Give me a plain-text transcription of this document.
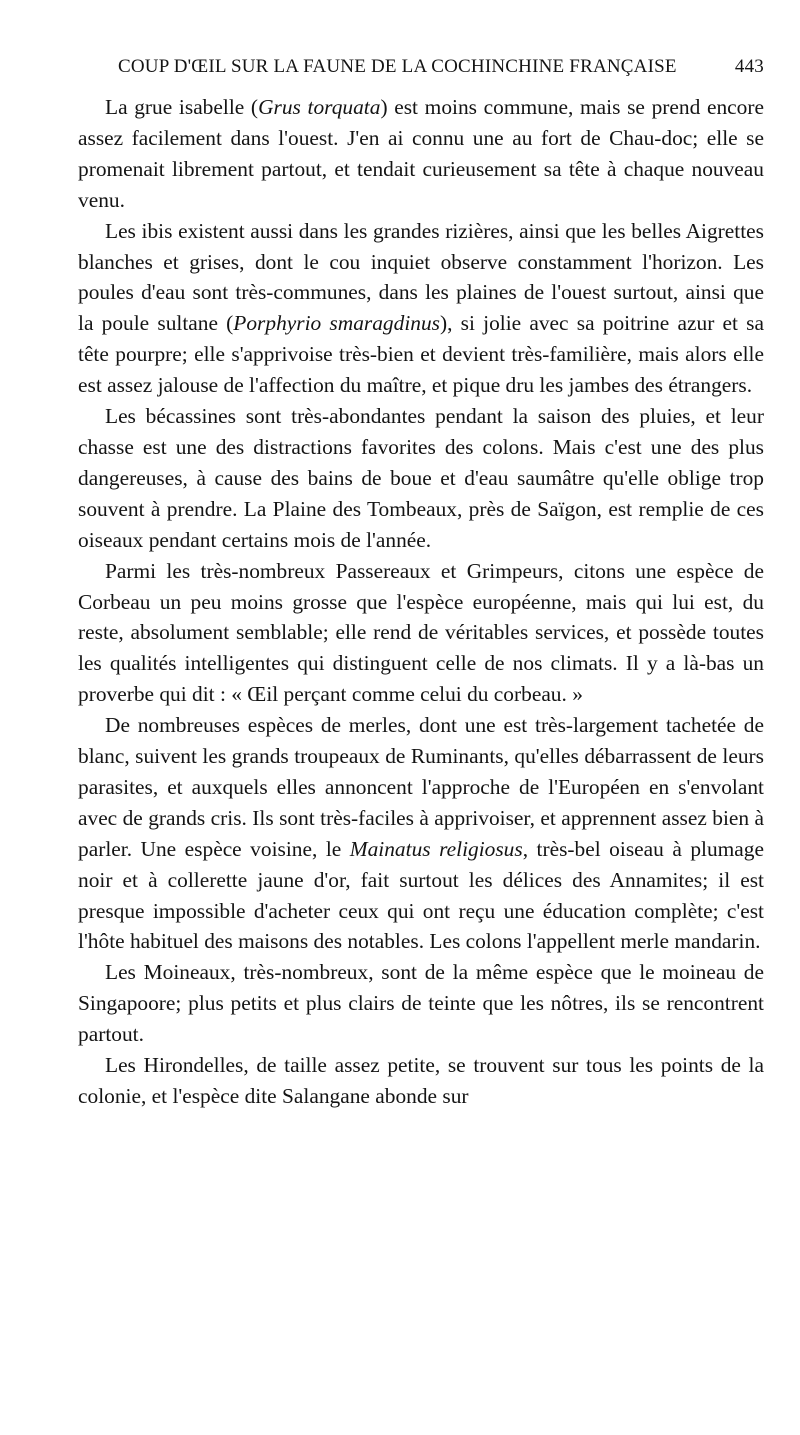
COUP D'ŒIL SUR LA FAUNE DE LA COCHINCHINE FRANÇAISE	443

La grue isabelle (Grus torquata) est moins commune, mais se prend encore assez facilement dans l'ouest. J'en ai connu une au fort de Chau-doc; elle se promenait librement partout, et tendait curieusement sa tête à chaque nouveau venu.

Les ibis existent aussi dans les grandes rizières, ainsi que les belles Aigrettes blanches et grises, dont le cou inquiet observe constamment l'horizon. Les poules d'eau sont très-communes, dans les plaines de l'ouest surtout, ainsi que la poule sultane (Porphyrio smaragdinus), si jolie avec sa poitrine azur et sa tête pourpre; elle s'apprivoise très-bien et devient très-familière, mais alors elle est assez jalouse de l'affection du maître, et pique dru les jambes des étrangers.

Les bécassines sont très-abondantes pendant la saison des pluies, et leur chasse est une des distractions favorites des colons. Mais c'est une des plus dangereuses, à cause des bains de boue et d'eau saumâtre qu'elle oblige trop souvent à prendre. La Plaine des Tombeaux, près de Saïgon, est remplie de ces oiseaux pendant certains mois de l'année.

Parmi les très-nombreux Passereaux et Grimpeurs, citons une espèce de Corbeau un peu moins grosse que l'espèce européenne, mais qui lui est, du reste, absolument semblable; elle rend de véritables services, et possède toutes les qualités intelligentes qui distinguent celle de nos climats. Il y a là-bas un proverbe qui dit : « Œil perçant comme celui du corbeau. »

De nombreuses espèces de merles, dont une est très-largement tachetée de blanc, suivent les grands troupeaux de Ruminants, qu'elles débarrassent de leurs parasites, et auxquels elles annoncent l'approche de l'Européen en s'envolant avec de grands cris. Ils sont très-faciles à apprivoiser, et apprennent assez bien à parler. Une espèce voisine, le Mainatus religiosus, très-bel oiseau à plumage noir et à collerette jaune d'or, fait surtout les délices des Annamites; il est presque impossible d'acheter ceux qui ont reçu une éducation complète; c'est l'hôte habituel des maisons des notables. Les colons l'appellent merle mandarin.

Les Moineaux, très-nombreux, sont de la même espèce que le moineau de Singapoore; plus petits et plus clairs de teinte que les nôtres, ils se rencontrent partout.

Les Hirondelles, de taille assez petite, se trouvent sur tous les points de la colonie, et l'espèce dite Salangane abonde sur
